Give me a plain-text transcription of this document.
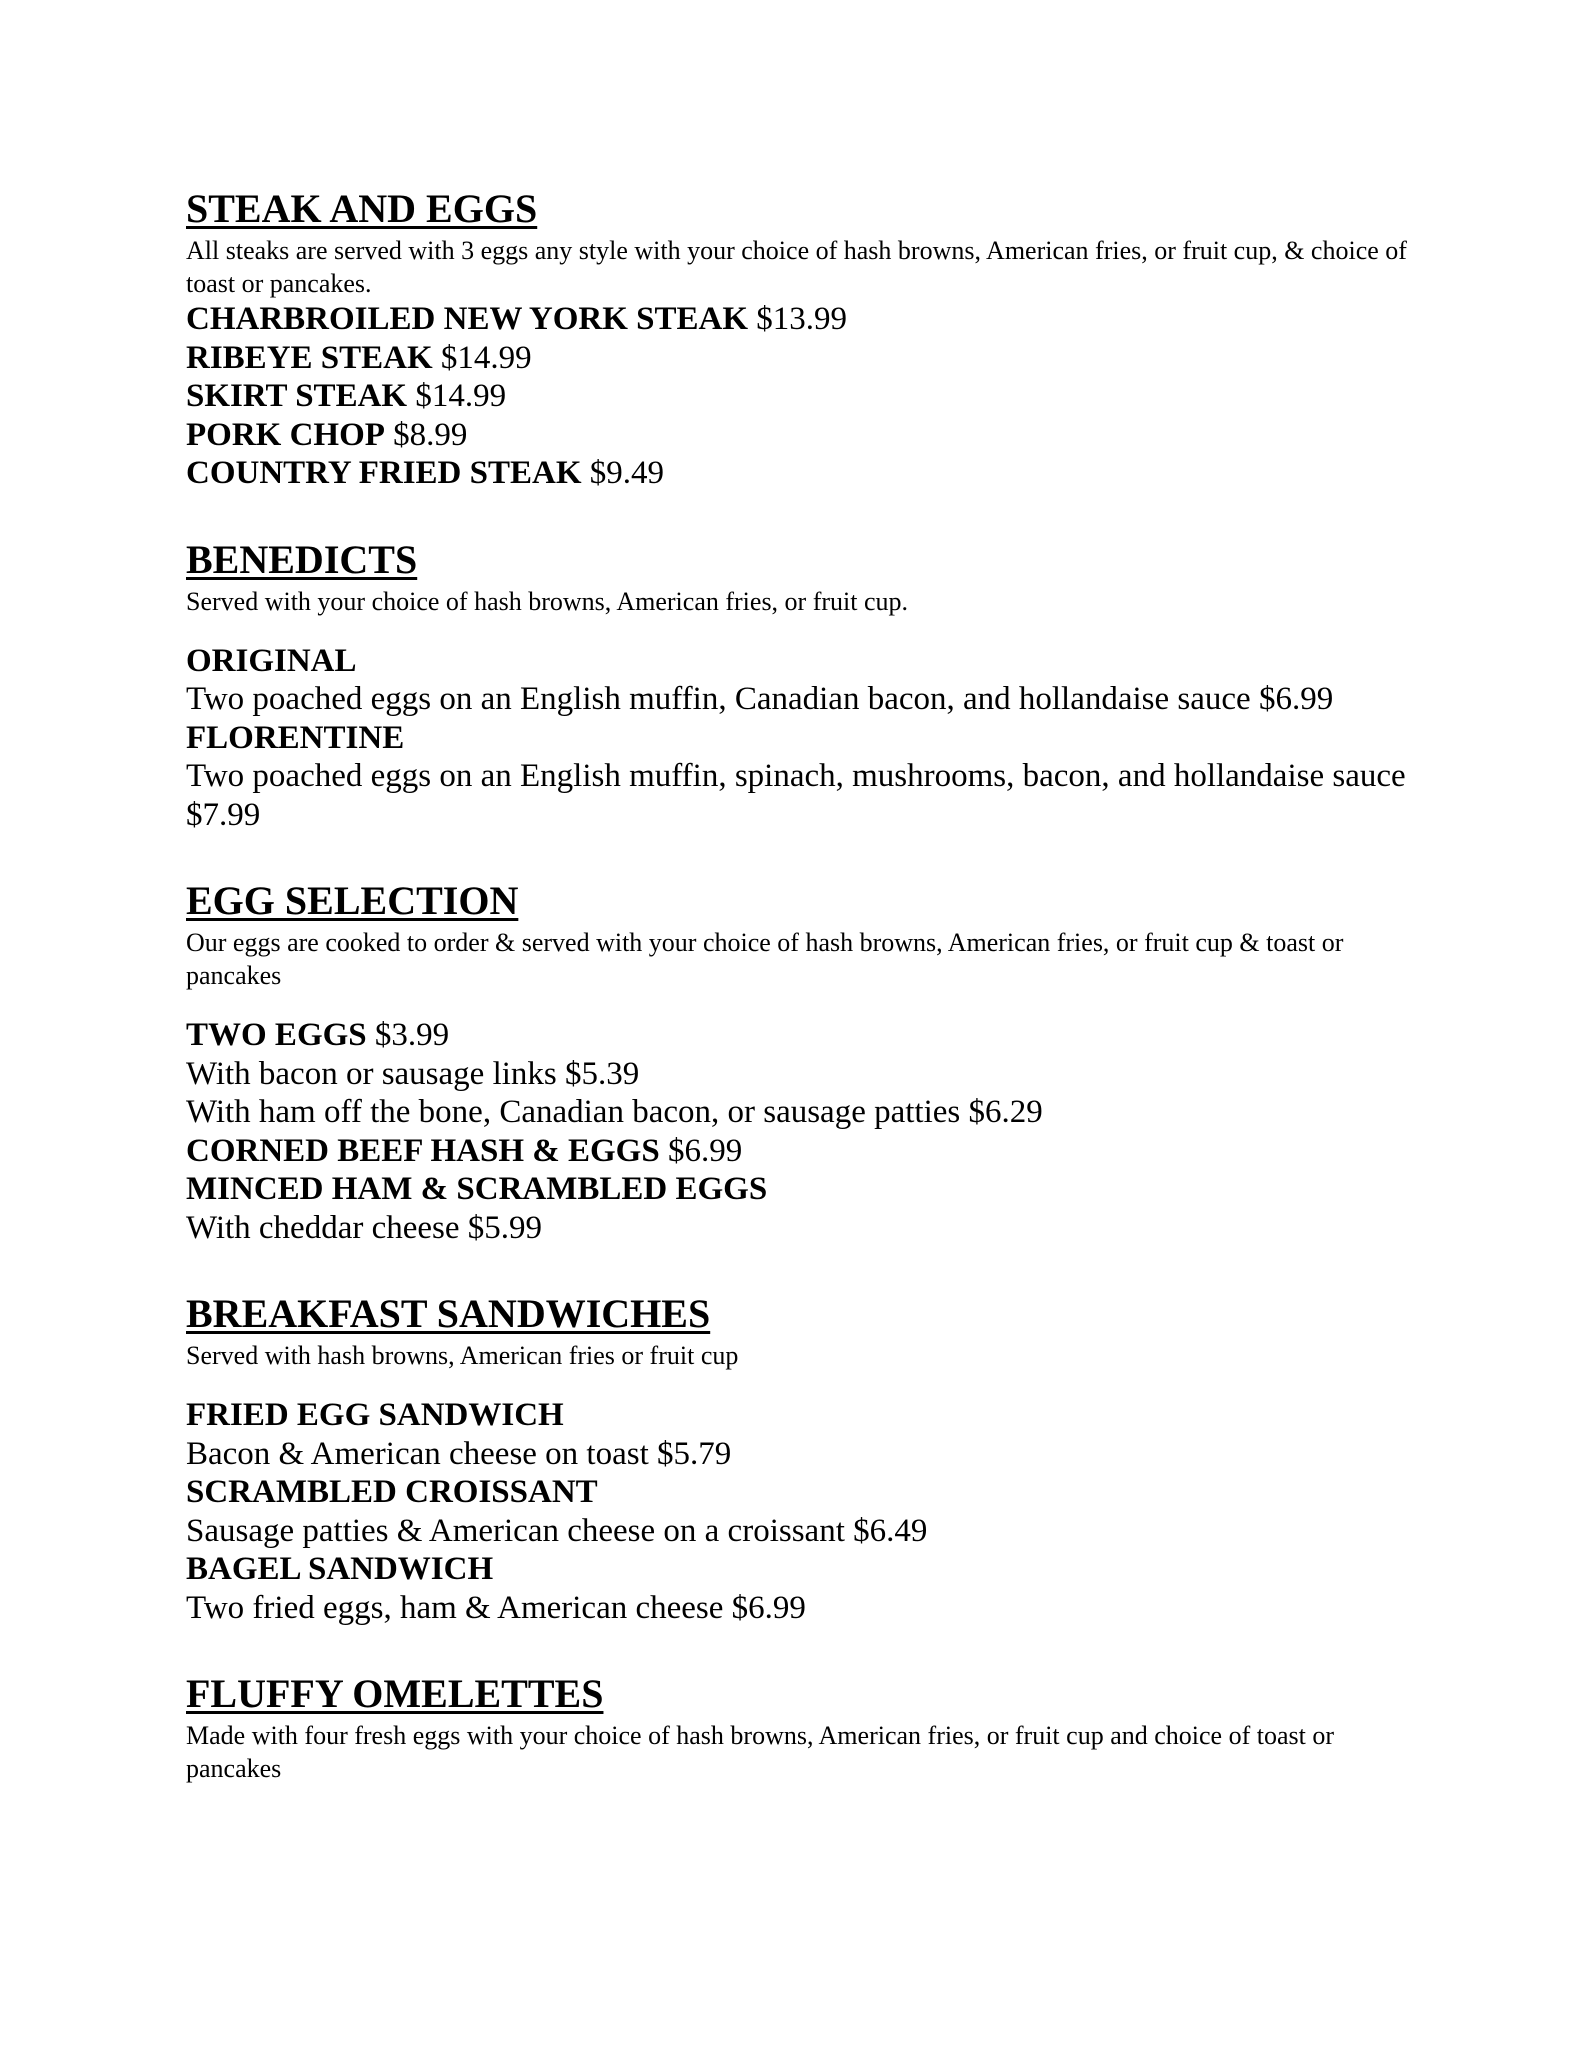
STEAK AND EGGS

All steaks are served with 3 eggs any style with your choice of hash browns, American fries, or fruit cup, & choice of toast or pancakes.

CHARBROILED NEW YORK STEAK $13.99

RIBEYE STEAK $14.99

SKIRT STEAK $14.99

PORK CHOP $8.99

COUNTRY FRIED STEAK $9.49

BENEDICTS

Served with your choice of hash browns, American fries, or fruit cup.

ORIGINAL

Two poached eggs on an English muffin, Canadian bacon, and hollandaise sauce $6.99

FLORENTINE

Two poached eggs on an English muffin, spinach, mushrooms, bacon, and hollandaise sauce $7.99

EGG SELECTION

Our eggs are cooked to order & served with your choice of hash browns, American fries, or fruit cup & toast or pancakes

TWO EGGS $3.99

With bacon or sausage links $5.39

With ham off the bone, Canadian bacon, or sausage patties $6.29

CORNED BEEF HASH & EGGS $6.99

MINCED HAM & SCRAMBLED EGGS

With cheddar cheese $5.99

BREAKFAST SANDWICHES

Served with hash browns, American fries or fruit cup

FRIED EGG SANDWICH

Bacon & American cheese on toast $5.79

SCRAMBLED CROISSANT

Sausage patties & American cheese on a croissant $6.49

BAGEL SANDWICH

Two fried eggs, ham & American cheese $6.99

FLUFFY OMELETTES

Made with four fresh eggs with your choice of hash browns, American fries, or fruit cup and choice of toast or pancakes
